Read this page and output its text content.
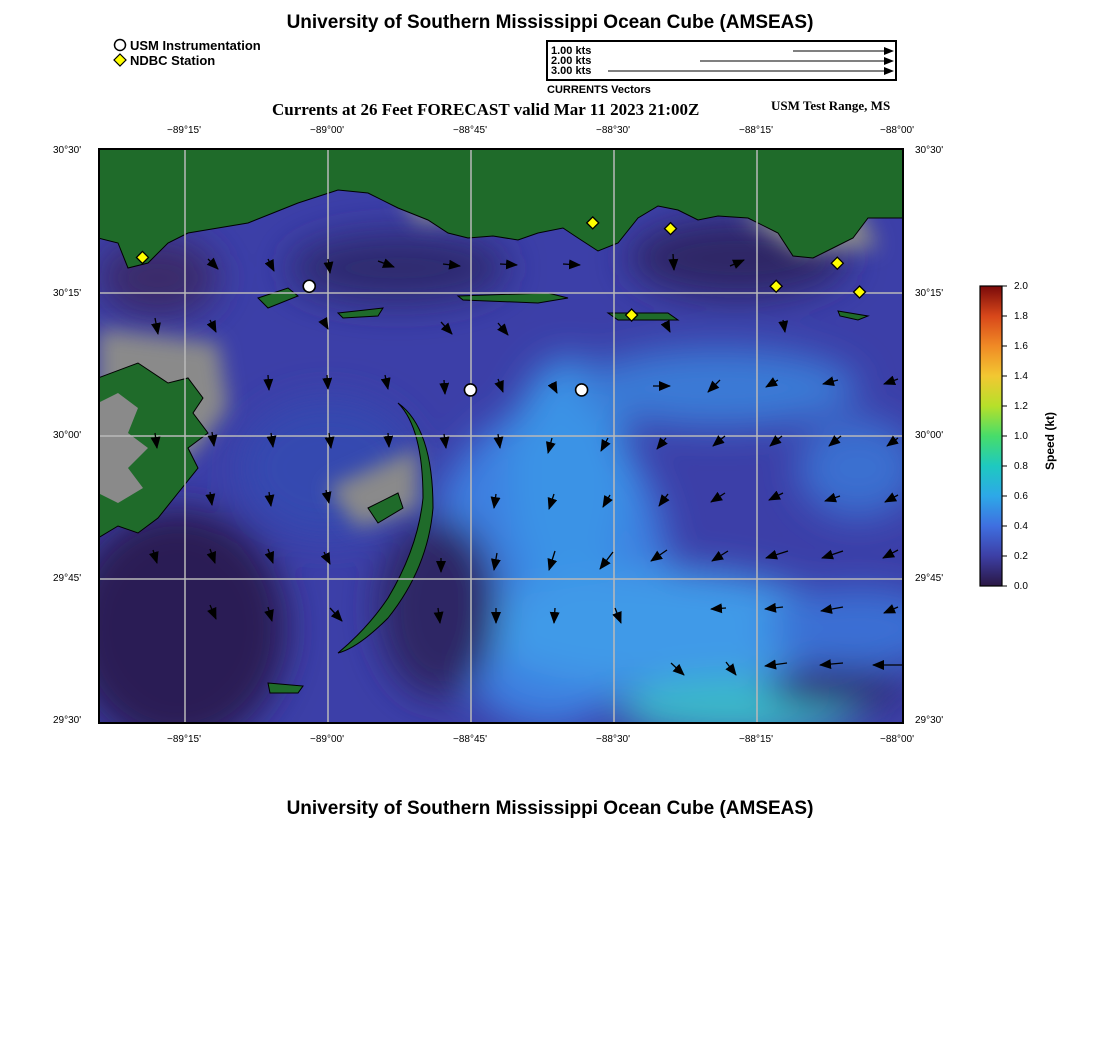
University of Southern Mississippi Ocean Cube (AMSEAS)
USM Instrumentation
NDBC Station
1.00 kts
2.00 kts
3.00 kts
CURRENTS Vectors
Currents at 26 Feet FORECAST valid Mar 11 2023 21:00Z	USM Test Range, MS
−89°15'	−89°00'	−88°45'	−88°30'	−88°15'	−88°00'
−89°15'	−89°00'	−88°45'	−88°30'	−88°15'	−88°00'
30°30'
30°15'
30°00'
29°45'
29°30'
30°30'
30°15'
30°00'
29°45'
29°30'
2.0
1.8
1.6
1.4
1.2
1.0
0.8
0.6
0.4
0.2
0.0
Speed (kt)
University of Southern Mississippi Ocean Cube (AMSEAS)
